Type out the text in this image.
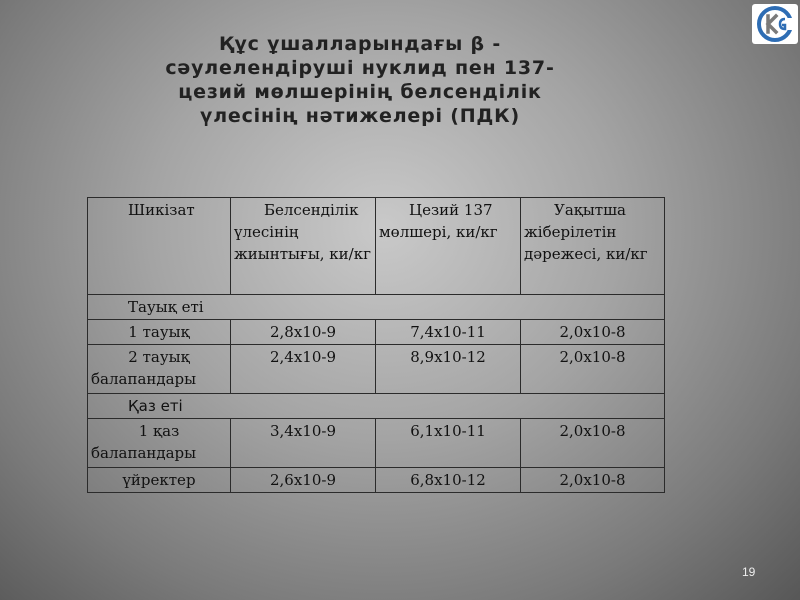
Құс ұшалларындағы β -
сәулелендіруші нуклид пен 137-
цезий мөлшерінің белсенділік
үлесінің нәтижелері (ПДК)
Шикізат	Белсенділік үлесінің жиынтығы, ки/кг	Цезий 137 мөлшері, ки/кг	Уақытша жіберілетін дәрежесі, ки/кг
Тауық еті			
1 тауық	2,8х10-9	7,4х10-11	2,0х10-8

2 тауық
балапандары	2,4х10-9	8,9х10-12	2,0х10-8
Қаз еті			

1 қаз
балапандары	3,4х10-9	6,1х10-11	2,0х10-8
үйректер	2,6х10-9	6,8х10-12	2,0х10-8
19
